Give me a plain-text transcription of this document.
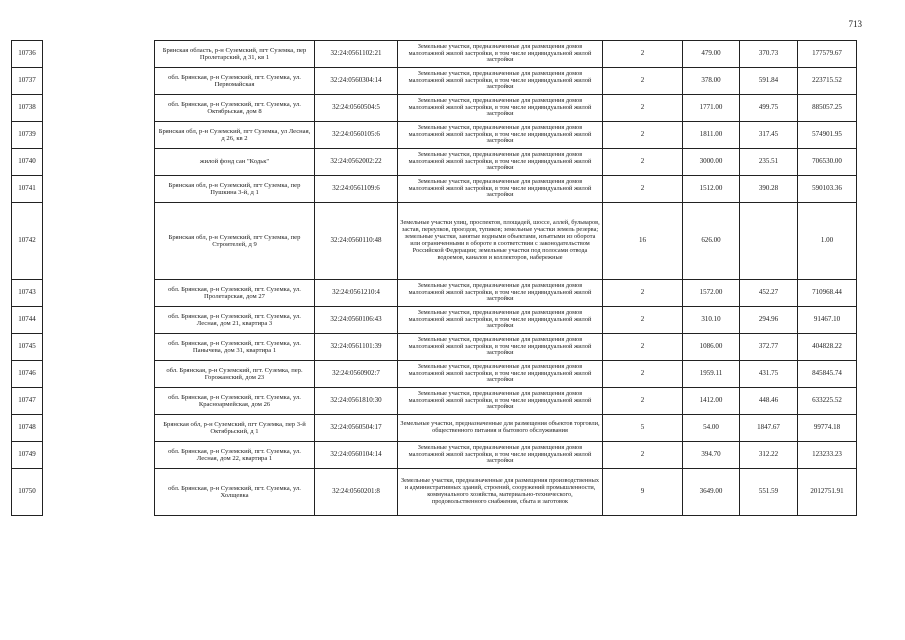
713
10736		Брянская область, р-н Суземский, пгт Суземка, пер Пролетарский, д 31, кв 1	32:24:0561102:21	Земельные участки, предназначенные для размещения домов малоэтажной жилой застройки, в том числе индивидуальной жилой застройки	2	479.00	370.73	177579.67
10737		обл. Брянская, р-н Суземский, пгт. Суземка, ул. Первомайская	32:24:0560304:14	Земельные участки, предназначенные для размещения домов малоэтажной жилой застройки, в том числе индивидуальной жилой застройки	2	378.00	591.84	223715.52
10738		обл. Брянская, р-н Суземский, пгт. Суземка, ул. Октябрьская, дом 8	32:24:0560504:5	Земельные участки, предназначенные для размещения домов малоэтажной жилой застройки, в том числе индивидуальной жилой застройки	2	1771.00	499.75	885057.25
10739		Брянская обл, р-н Суземский, пгт Суземка, ул Лесная, д 26, кв 2	32:24:0560105:6	Земельные участки, предназначенные для размещения домов малоэтажной жилой застройки, в том числе индивидуальной жилой застройки	2	1811.00	317.45	574901.95
10740		жилой фонд сан "Кодьк"	32:24:0562002:22	Земельные участки, предназначенные для размещения домов малоэтажной жилой застройки, в том числе индивидуальной жилой застройки	2	3000.00	235.51	706530.00
10741		Брянская обл, р-н Суземский, пгт Суземка, пер Пушкина 3-й, д 1	32:24:0561109:6	Земельные участки, предназначенные для размещения домов малоэтажной жилой застройки, в том числе индивидуальной жилой застройки	2	1512.00	390.28	590103.36
10742		Брянская обл, р-н Суземский, пгт Суземка, пер Строителей, д 9	32:24:0560110:48	Земельные участки улиц, проспектов, площадей, шоссе, аллей, бульваров, застав, переулков, проездов, тупиков; земельные участки земель резерва; земельные участки, занятые водными объектами, изъятыми из оборота или ограниченными в обороте в соответствии с законодательством Российской Федерации; земельные участки под полосами отвода водоемов, каналов и коллекторов, набережные	16	626.00		1.00
10743		обл. Брянская, р-н Суземский, пгт. Суземка, ул. Пролетарская, дом 27	32:24:0561210:4	Земельные участки, предназначенные для размещения домов малоэтажной жилой застройки, в том числе индивидуальной жилой застройки	2	1572.00	452.27	710968.44
10744		обл. Брянская, р-н Суземский, пгт. Суземка, ул. Лесная, дом 21, квартира 3	32:24:0560106:43	Земельные участки, предназначенные для размещения домов малоэтажной жилой застройки, в том числе индивидуальной жилой застройки	2	310.10	294.96	91467.10
10745		обл. Брянская, р-н Суземский, пгт. Суземка, ул. Панычева, дом 31, квартира 1	32:24:0561101:39	Земельные участки, предназначенные для размещения домов малоэтажной жилой застройки, в том числе индивидуальной жилой застройки	2	1086.00	372.77	404828.22
10746		обл. Брянская, р-н Суземский, пгт. Суземка, пер. Горожанский, дом 23	32:24:0560902:7	Земельные участки, предназначенные для размещения домов малоэтажной жилой застройки, в том числе индивидуальной жилой застройки	2	1959.11	431.75	845845.74
10747		обл. Брянская, р-н Суземский, пгт. Суземка, ул. Красноармейская, дом 26	32:24:0561810:30	Земельные участки, предназначенные для размещения домов малоэтажной жилой застройки, в том числе индивидуальной жилой застройки	2	1412.00	448.46	633225.52
10748		Брянская обл, р-н Суземский, пгт Суземка, пер 3-й Октябрьский, д 1	32:24:0560504:17	Земельные участки, предназначенные для размещения объектов торговли, общественного питания и бытового обслуживания	5	54.00	1847.67	99774.18
10749		обл. Брянская, р-н Суземский, пгт. Суземка, ул. Лесная, дом 22, квартира 1	32:24:0560104:14	Земельные участки, предназначенные для размещения домов малоэтажной жилой застройки, в том числе индивидуальной жилой застройки	2	394.70	312.22	123233.23
10750		обл. Брянская, р-н Суземский, пгт. Суземка, ул. Холщевка	32:24:0560201:8	Земельные участки, предназначенные для размещения производственных и административных зданий, строений, сооружений промышленности, коммунального хозяйства, материально-технического, продовольственного снабжения, сбыта и заготовок	9	3649.00	551.59	2012751.91
